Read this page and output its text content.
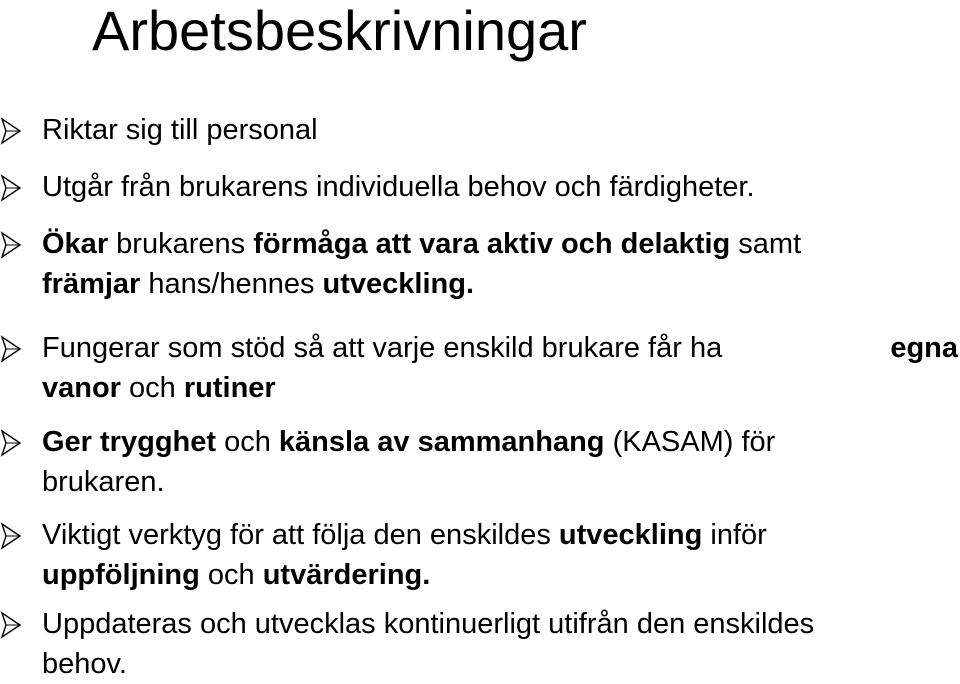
Arbetsbeskrivningar
Riktar sig till personal
Utgår från brukarens individuella behov och färdigheter.
Ökar brukarens förmåga att vara aktiv och delaktig samt
främjar hans/hennes utveckling.
Fungerar som stöd så att varje enskild brukare får ha
vanor och rutiner
egna
Ger trygghet och känsla av sammanhang (KASAM) för
brukaren.
Viktigt verktyg för att följa den enskildes utveckling inför
uppföljning och utvärdering.
Uppdateras och utvecklas kontinuerligt utifrån den enskildes
behov.
